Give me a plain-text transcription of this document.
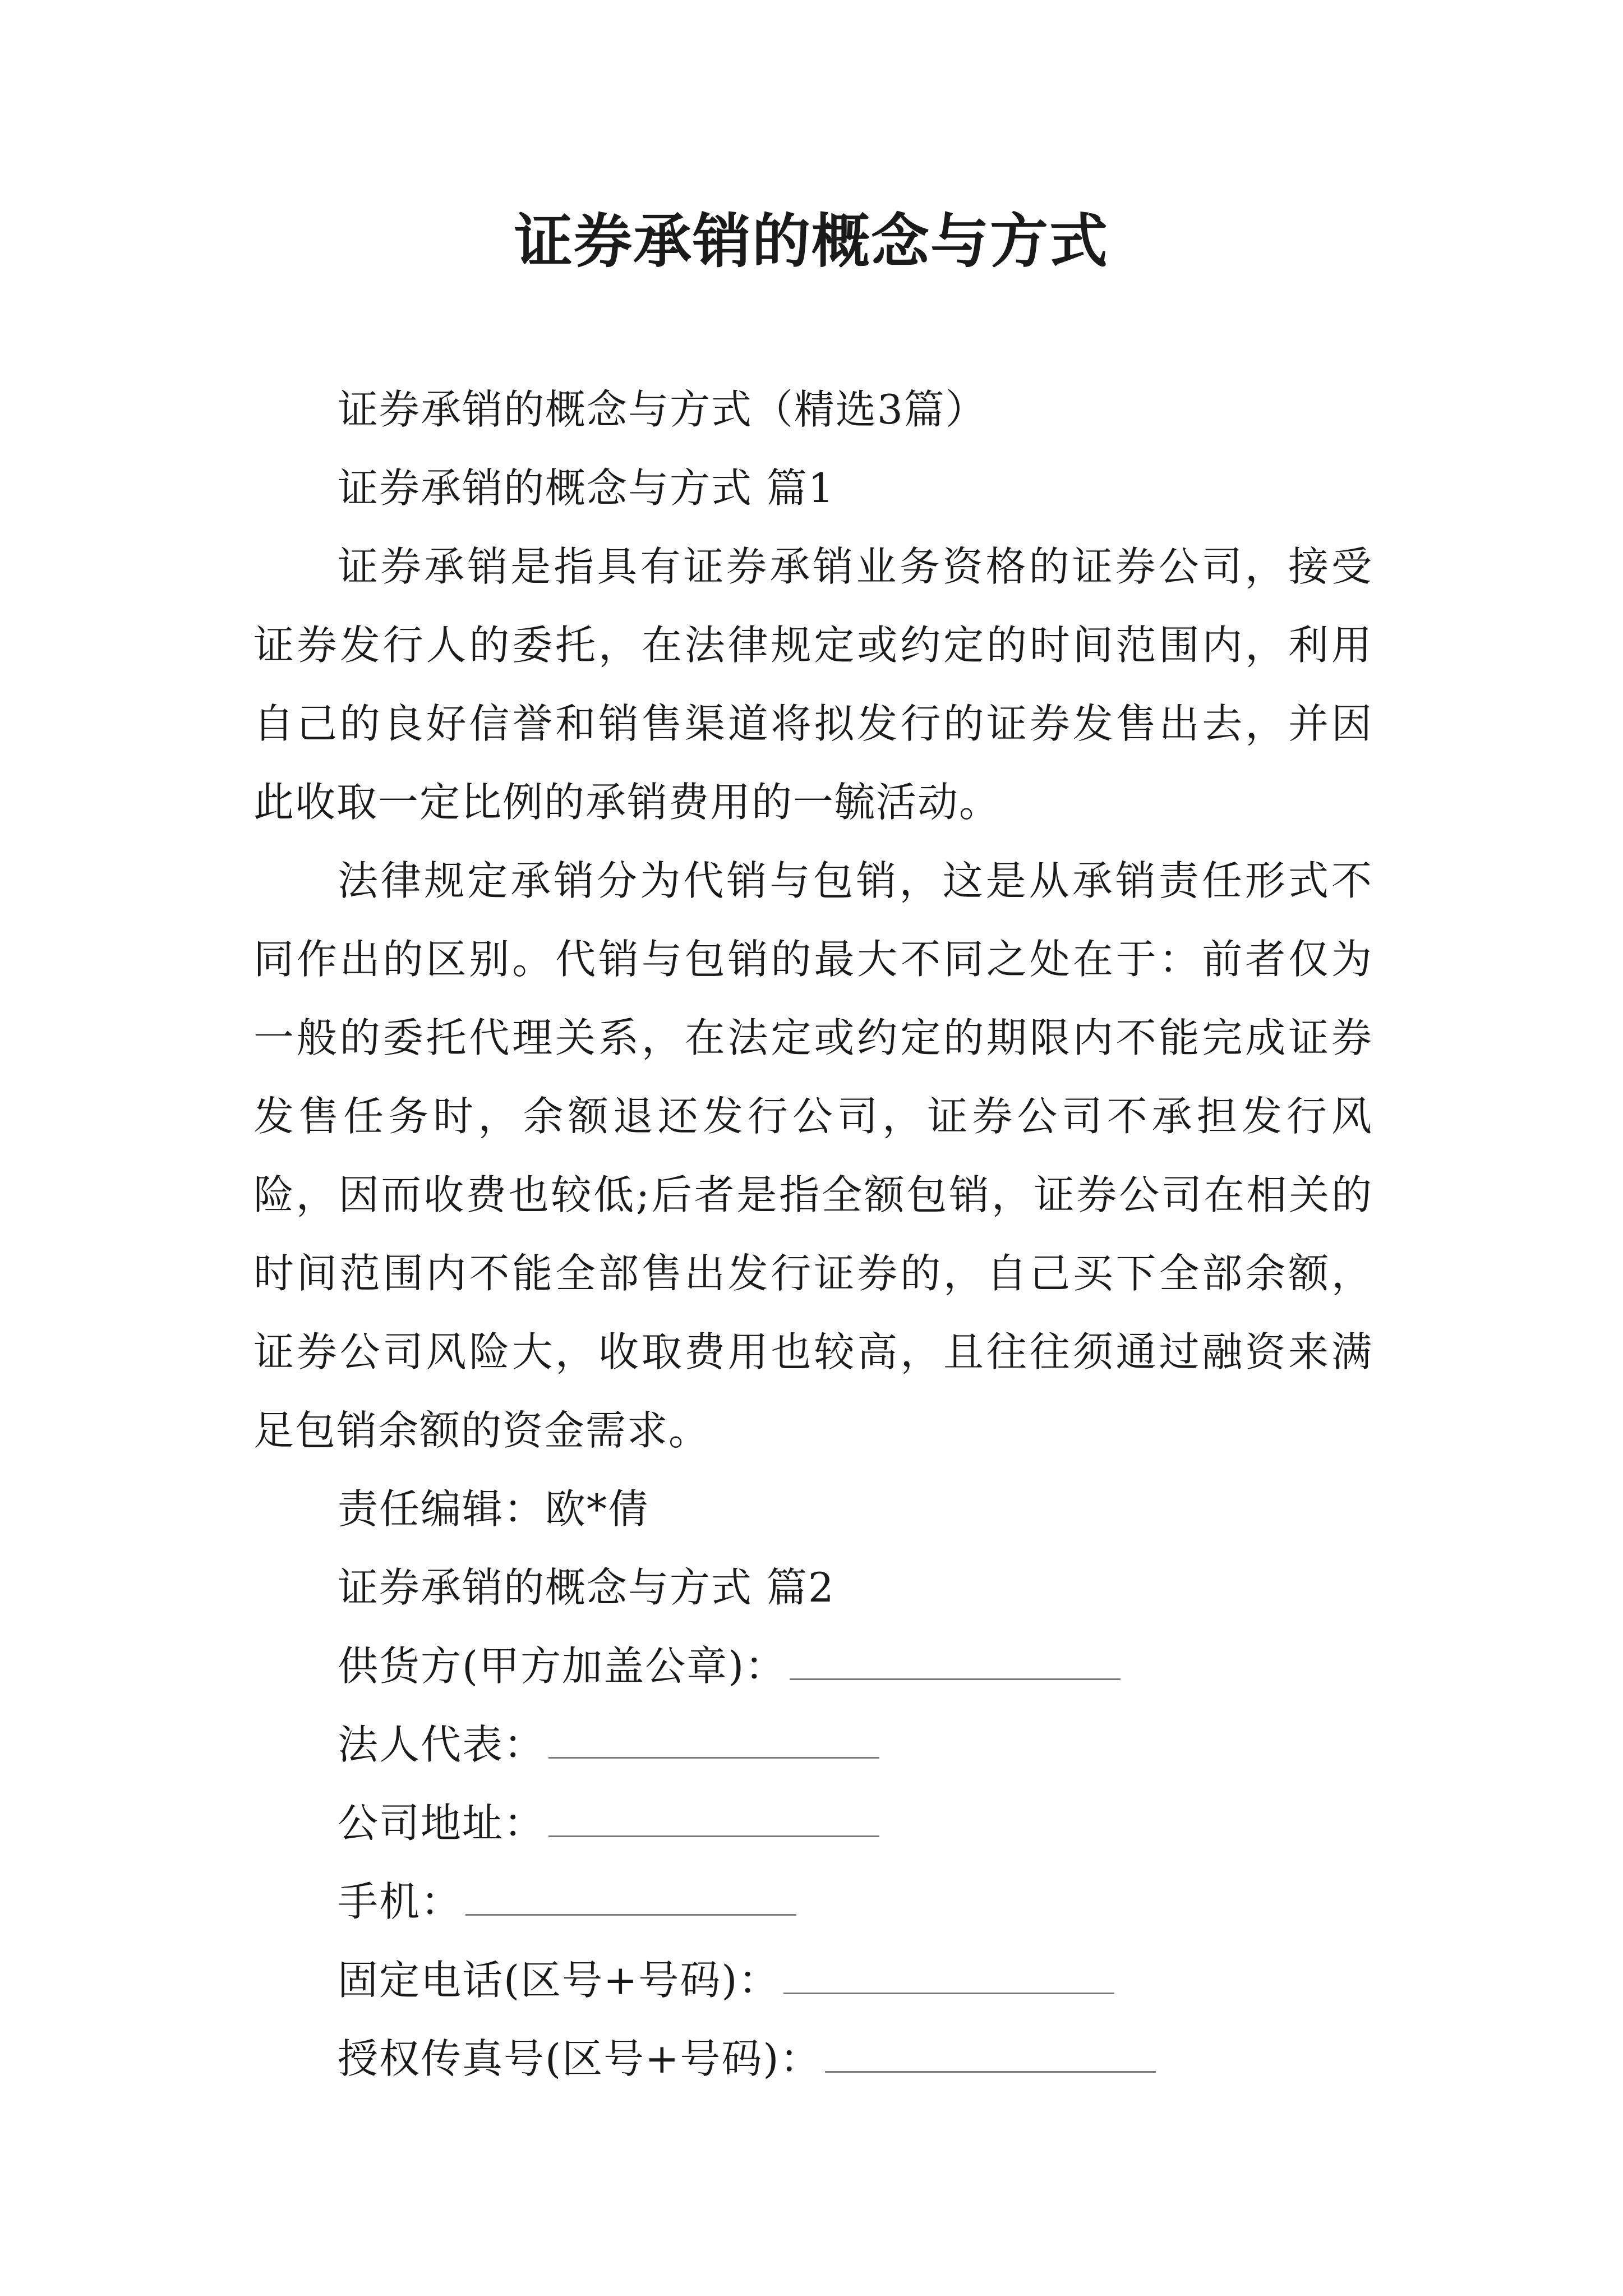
证券承销的概念与方式

证券承销的概念与方式（精选3篇）

证券承销的概念与方式 篇1

证券承销是指具有证券承销业务资格的证券公司，接受证券发行人的委托，在法律规定或约定的时间范围内，利用自己的良好信誉和销售渠道将拟发行的证券发售出去，并因此收取一定比例的承销费用的一毓活动。

法律规定承销分为代销与包销，这是从承销责任形式不同作出的区别。代销与包销的最大不同之处在于：前者仅为一般的委托代理关系，在法定或约定的期限内不能完成证券发售任务时，余额退还发行公司，证券公司不承担发行风险，因而收费也较低;后者是指全额包销，证券公司在相关的时间范围内不能全部售出发行证券的，自己买下全部余额，证券公司风险大，收取费用也较高，且往往须通过融资来满足包销余额的资金需求。

责任编辑：欧*倩

证券承销的概念与方式 篇2

供货方(甲方加盖公章)：

法人代表：

公司地址：

手机：

固定电话(区号+号码)：

授权传真号(区号+号码)：
